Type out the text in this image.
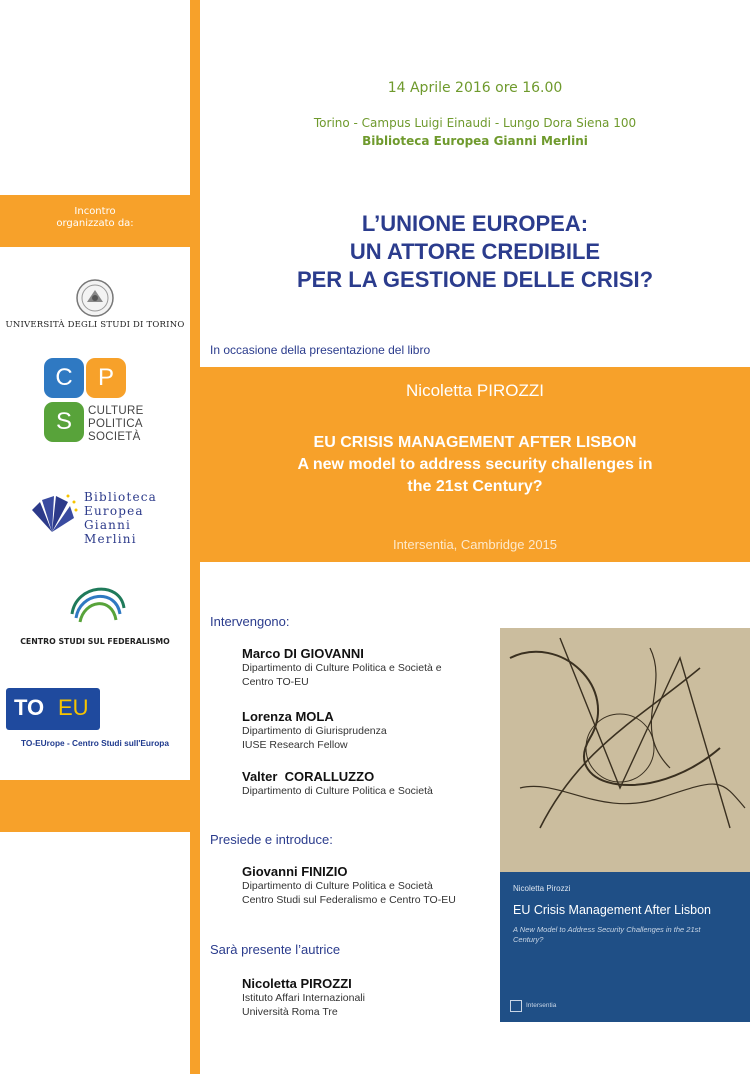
Incontro
organizzato da:
UNIVERSITÀ DEGLI STUDI DI TORINO
C	P
S	CULTURE
POLITICA
SOCIETÀ
Biblioteca
Europea
Gianni
Merlini
CENTRO STUDI SUL FEDERALISMO
TO EU
TO-EUrope - Centro Studi sull'Europa
14 Aprile 2016 ore 16.00
Torino - Campus Luigi Einaudi - Lungo Dora Siena 100
Biblioteca Europea Gianni Merlini
L’UNIONE EUROPEA:
UN ATTORE CREDIBILE
PER LA GESTIONE DELLE CRISI?
In occasione della presentazione del libro
Nicoletta PIROZZI
EU CRISIS MANAGEMENT AFTER LISBON
A new model to address security challenges in
the 21st Century?
Intersentia, Cambridge 2015
Intervengono:
Marco DI GIOVANNI
Dipartimento di Culture Politica e Società e
Centro TO-EU
Lorenza MOLA
Dipartimento di Giurisprudenza
IUSE Research Fellow
Valter  CORALLUZZO
Dipartimento di Culture Politica e Società
Presiede e introduce:
Giovanni FINIZIO
Dipartimento di Culture Politica e Società
Centro Studi sul Federalismo e Centro TO-EU
Sarà presente l’autrice
Nicoletta PIROZZI
Istituto Affari Internazionali
Università Roma Tre
Nicoletta Pirozzi
EU Crisis Management After Lisbon
A New Model to Address Security Challenges in the 21st Century?
Intersentia
